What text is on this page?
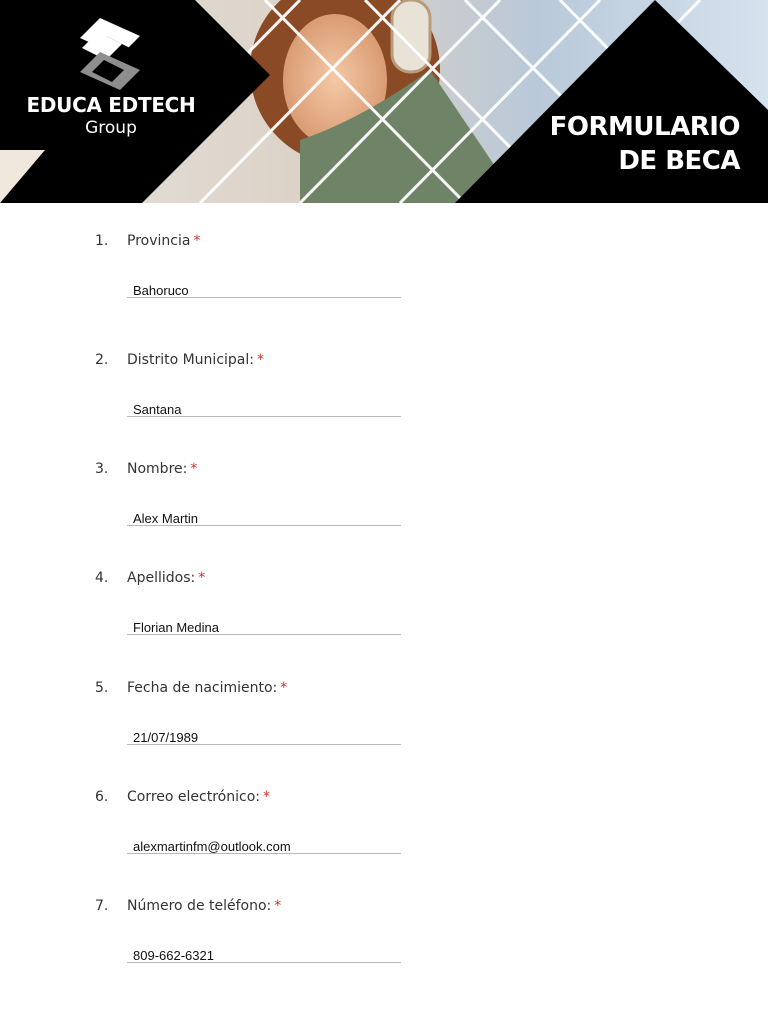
EDUCA EDTECH
Group	FORMULARIO
DE BECA
1. Provincia *
Bahoruco
2. Distrito Municipal: *
Santana
3. Nombre: *
Alex Martin
4. Apellidos: *
Florian Medina
5. Fecha de nacimiento: *
21/07/1989
6. Correo electrónico: *
alexmartinfm@outlook.com
7. Número de teléfono: *
809-662-6321
